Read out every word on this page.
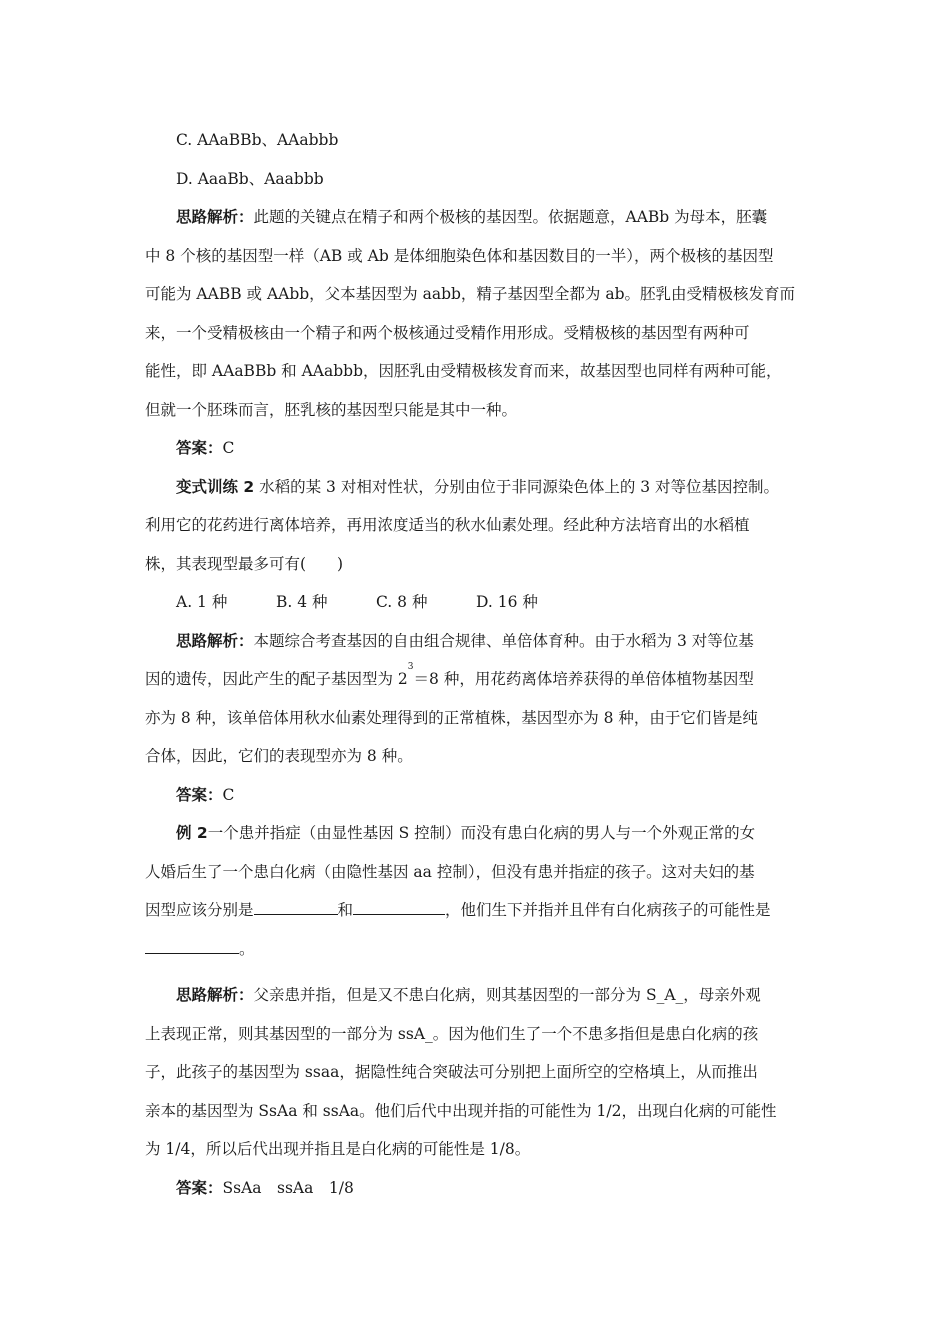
C. AAaBBb、AAabbb
D. AaaBb、Aaabbb
思路解析：此题的关键点在精子和两个极核的基因型。依据题意，AABb 为母本，胚囊
中 8 个核的基因型一样（AB 或 Ab 是体细胞染色体和基因数目的一半），两个极核的基因型
可能为 AABB 或 AAbb，父本基因型为 aabb，精子基因型全都为 ab。胚乳由受精极核发育而
来，一个受精极核由一个精子和两个极核通过受精作用形成。受精极核的基因型有两种可
能性，即 AAaBBb 和 AAabbb，因胚乳由受精极核发育而来，故基因型也同样有两种可能，
但就一个胚珠而言，胚乳核的基因型只能是其中一种。
答案：C
变式训练 2 水稻的某 3 对相对性状，分别由位于非同源染色体上的 3 对等位基因控制。
利用它的花药进行离体培养，再用浓度适当的秋水仙素处理。经此种方法培育出的水稻植
株，其表现型最多可有(　　)
A. 1 种	B. 4 种	C. 8 种	D. 16 种
思路解析：本题综合考查基因的自由组合规律、单倍体育种。由于水稻为 3 对等位基
因的遗传，因此产生的配子基因型为 $2^3=8$ 种，用花药离体培养获得的单倍体植物基因型
亦为 8 种，该单倍体用秋水仙素处理得到的正常植株，基因型亦为 8 种，由于它们皆是纯
合体，因此，它们的表现型亦为 8 种。
答案：C
例 2一个患并指症（由显性基因 S 控制）而没有患白化病的男人与一个外观正常的女
人婚后生了一个患白化病（由隐性基因 aa 控制），但没有患并指症的孩子。这对夫妇的基
因型应该分别是	和	，他们生下并指并且伴有白化病孩子的可能性是
。
思路解析：父亲患并指，但是又不患白化病，则其基因型的一部分为 S_A_，母亲外观
上表现正常，则其基因型的一部分为 ssA_。因为他们生了一个不患多指但是患白化病的孩
子，此孩子的基因型为 ssaa，据隐性纯合突破法可分别把上面所空的空格填上，从而推出
亲本的基因型为 SsAa 和 ssAa。他们后代中出现并指的可能性为 1/2，出现白化病的可能性
为 1/4，所以后代出现并指且是白化病的可能性是 1/8。
答案：SsAa　ssAa　1/8
